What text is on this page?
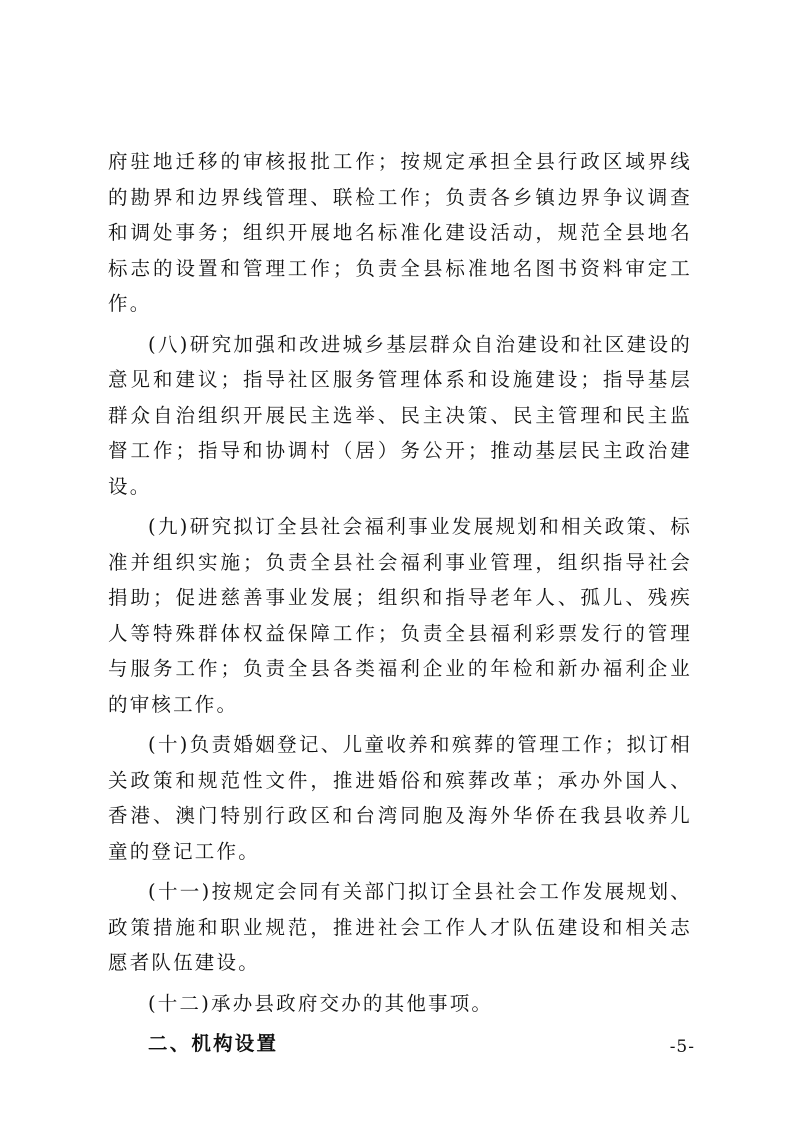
府驻地迁移的审核报批工作；按规定承担全县行政区域界线的勘界和边界线管理、联检工作；负责各乡镇边界争议调查和调处事务；组织开展地名标准化建设活动，规范全县地名标志的设置和管理工作；负责全县标准地名图书资料审定工作。

(八)研究加强和改进城乡基层群众自治建设和社区建设的意见和建议；指导社区服务管理体系和设施建设；指导基层群众自治组织开展民主选举、民主决策、民主管理和民主监督工作；指导和协调村（居）务公开；推动基层民主政治建设。

(九)研究拟订全县社会福利事业发展规划和相关政策、标准并组织实施；负责全县社会福利事业管理，组织指导社会捐助；促进慈善事业发展；组织和指导老年人、孤儿、残疾人等特殊群体权益保障工作；负责全县福利彩票发行的管理与服务工作；负责全县各类福利企业的年检和新办福利企业的审核工作。

(十)负责婚姻登记、儿童收养和殡葬的管理工作；拟订相关政策和规范性文件，推进婚俗和殡葬改革；承办外国人、香港、澳门特别行政区和台湾同胞及海外华侨在我县收养儿童的登记工作。

(十一)按规定会同有关部门拟订全县社会工作发展规划、政策措施和职业规范，推进社会工作人才队伍建设和相关志愿者队伍建设。

(十二)承办县政府交办的其他事项。

二、机构设置	-5-
